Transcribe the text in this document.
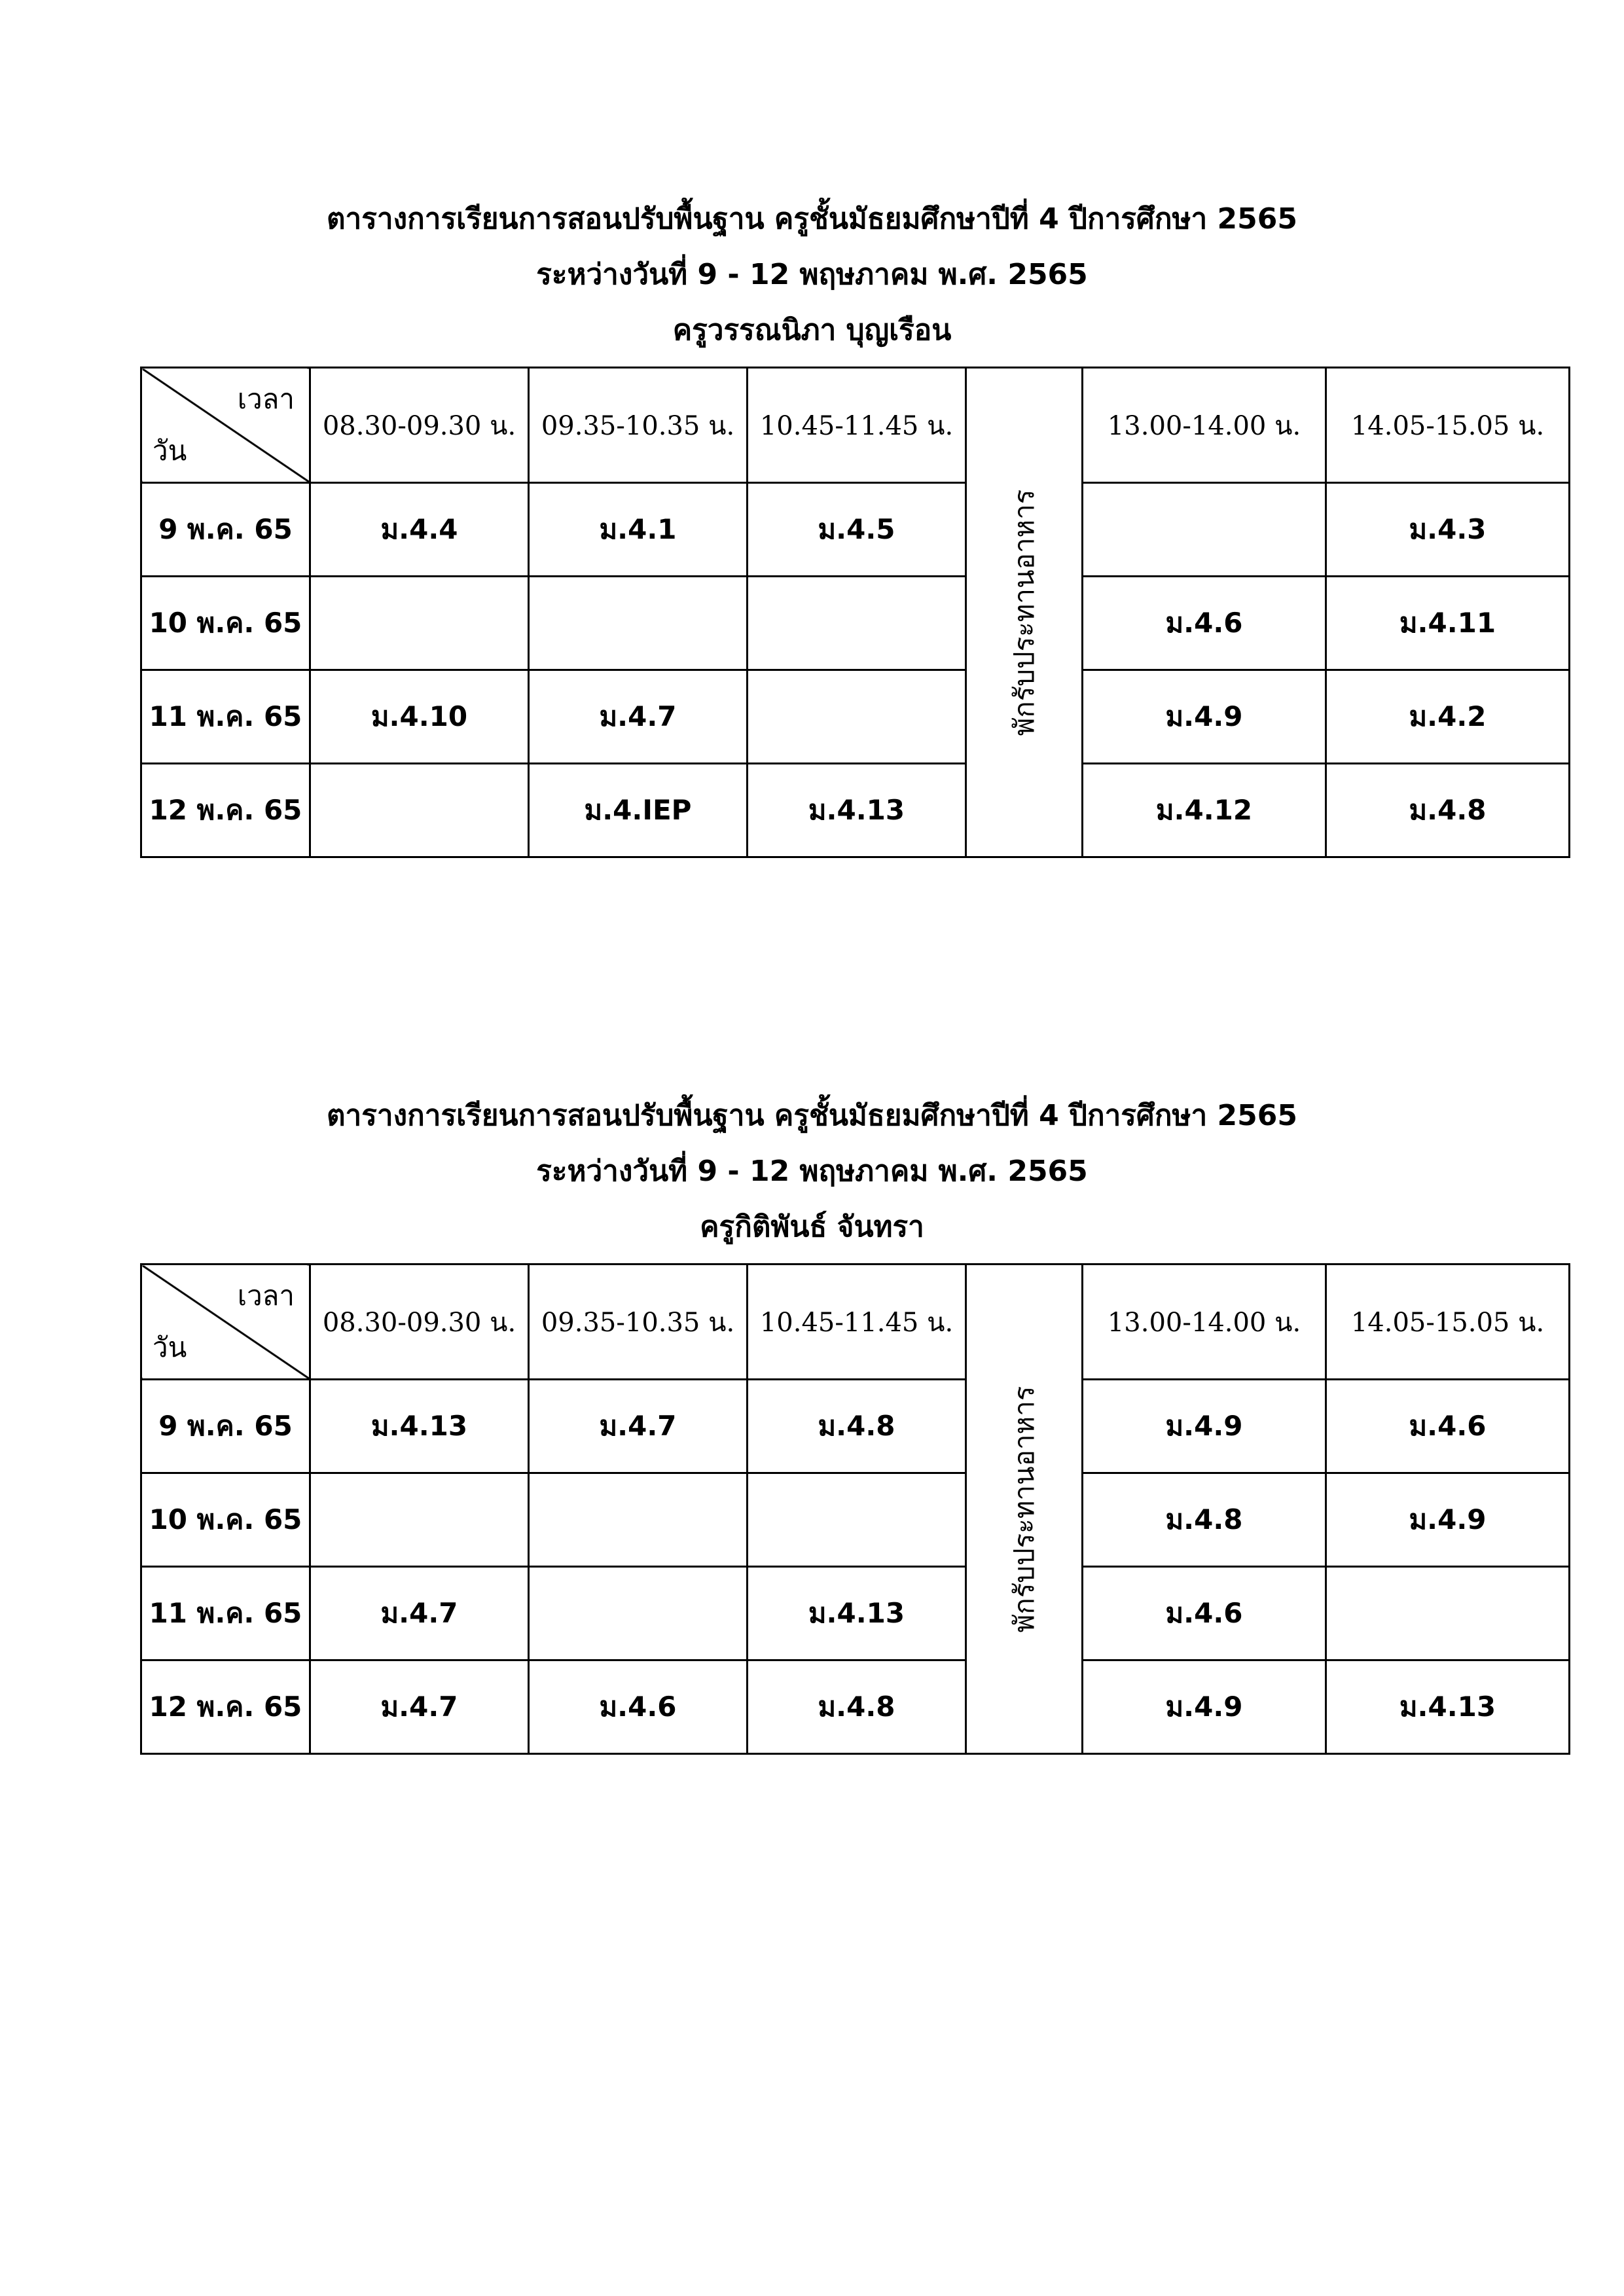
ตารางการเรียนการสอนปรับพื้นฐาน ครูชั้นมัธยมศึกษาปีที่ 4 ปีการศึกษา 2565
ระหว่างวันที่ 9 - 12 พฤษภาคม พ.ศ. 2565
ครูวรรณนิภา บุญเรือน
เวลา
วัน	08.30-09.30 น.	09.35-10.35 น.	10.45-11.45 น.	พักรับประทานอาหาร	13.00-14.00 น.	14.05-15.05 น.

9 พ.ค. 65	ม.4.4	ม.4.1	ม.4.5			ม.4.3

10 พ.ค. 65					ม.4.6	ม.4.11

11 พ.ค. 65	ม.4.10	ม.4.7			ม.4.9	ม.4.2

12 พ.ค. 65		ม.4.IEP	ม.4.13		ม.4.12	ม.4.8
ตารางการเรียนการสอนปรับพื้นฐาน ครูชั้นมัธยมศึกษาปีที่ 4 ปีการศึกษา 2565
ระหว่างวันที่ 9 - 12 พฤษภาคม พ.ศ. 2565
ครูกิติพันธ์ จันทรา
เวลา
วัน	08.30-09.30 น.	09.35-10.35 น.	10.45-11.45 น.	พักรับประทานอาหาร	13.00-14.00 น.	14.05-15.05 น.

9 พ.ค. 65	ม.4.13	ม.4.7	ม.4.8		ม.4.9	ม.4.6

10 พ.ค. 65					ม.4.8	ม.4.9

11 พ.ค. 65	ม.4.7		ม.4.13		ม.4.6	

12 พ.ค. 65	ม.4.7	ม.4.6	ม.4.8		ม.4.9	ม.4.13
